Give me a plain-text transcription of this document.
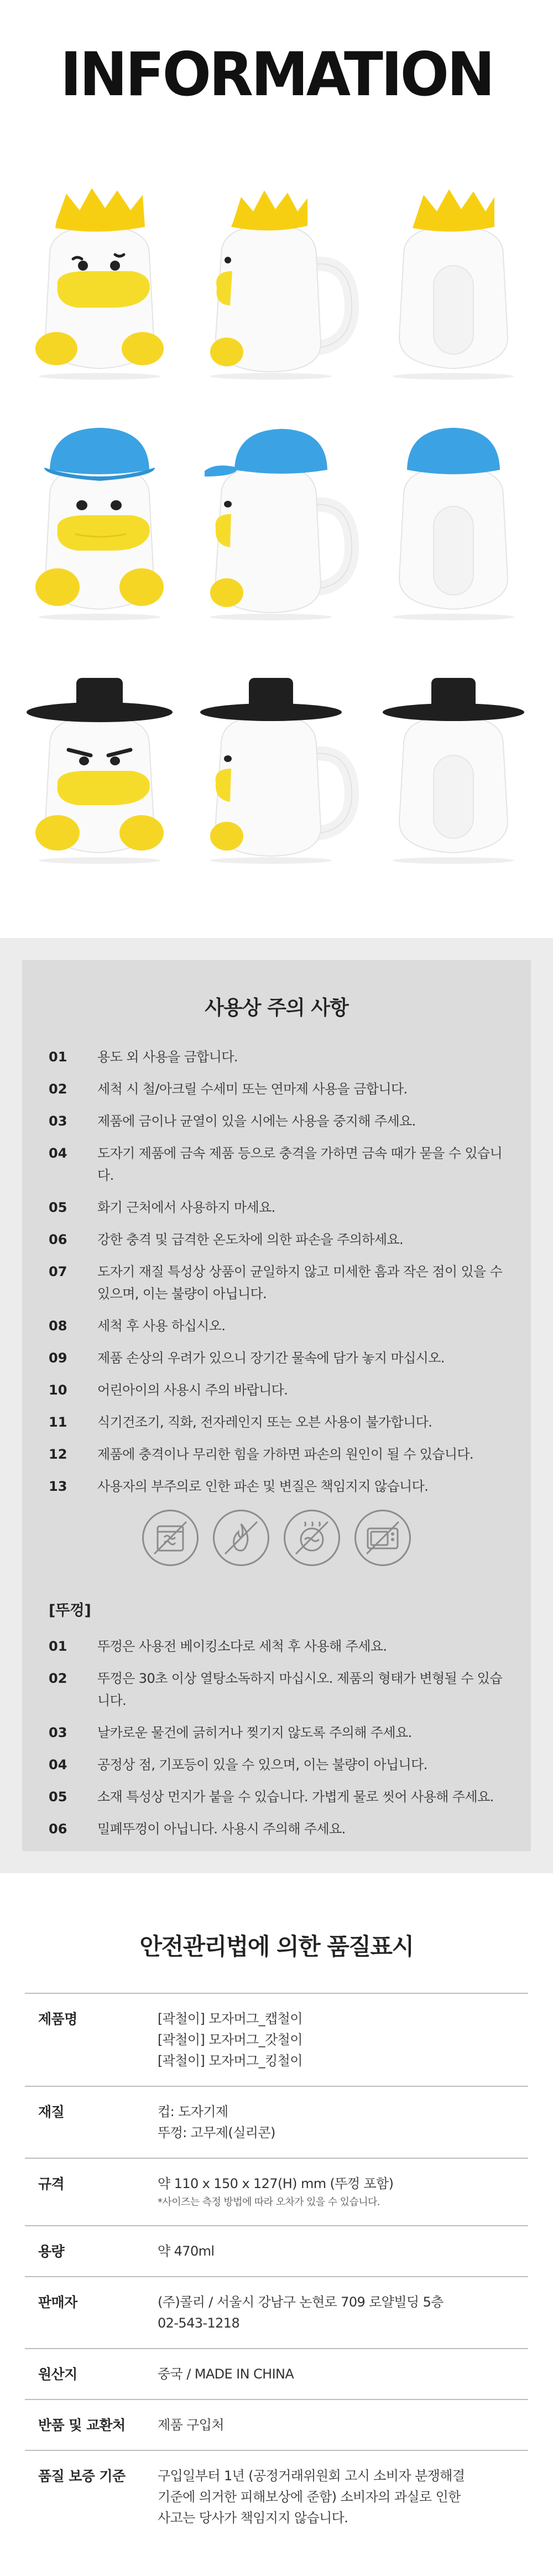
INFORMATION
사용상 주의 사항
01	용도 외 사용을 금합니다.
02	세척 시 철/아크릴 수세미 또는 연마제 사용을 금합니다.
03	제품에 금이나 균열이 있을 시에는 사용을 중지해 주세요.
04	도자기 제품에 금속 제품 등으로 충격을 가하면 금속 때가 묻을 수 있습니다.
05	화기 근처에서 사용하지 마세요.
06	강한 충격 및 급격한 온도차에 의한 파손을 주의하세요.
07	도자기 재질 특성상 상품이 균일하지 않고 미세한 흠과 작은 점이 있을 수 있으며, 이는 불량이 아닙니다.
08	세척 후 사용 하십시오.
09	제품 손상의 우려가 있으니 장기간 물속에 담가 놓지 마십시오.
10	어린아이의 사용시 주의 바랍니다.
11	식기건조기, 직화, 전자레인지 또는 오븐 사용이 불가합니다.
12	제품에 충격이나 무리한 힘을 가하면 파손의 원인이 될 수 있습니다.
13	사용자의 부주의로 인한 파손 및 변질은 책임지지 않습니다.
[뚜껑]
01	뚜껑은 사용전 베이킹소다로 세척 후 사용해 주세요.
02	뚜껑은 30초 이상 열탕소독하지 마십시오. 제품의 형태가 변형될 수 있습니다.
03	날카로운 물건에 긁히거나 찢기지 않도록 주의해 주세요.
04	공정상 점, 기포등이 있을 수 있으며, 이는 불량이 아닙니다.
05	소재 특성상 먼지가 붙을 수 있습니다. 가볍게 물로 씻어 사용해 주세요.
06	밀폐뚜껑이 아닙니다. 사용시 주의해 주세요.
안전관리법에 의한 품질표시
제품명	[곽철이] 모자머그_캡철이
[곽철이] 모자머그_갓철이
[곽철이] 모자머그_킹철이

재질	컵: 도자기제
뚜껑: 고무제(실리콘)

규격	약 110 x 150 x 127(H) mm (뚜껑 포함)
*사이즈는 측정 방법에 따라 오차가 있을 수 있습니다.

용량	약 470ml

판매자	(주)콜리 / 서울시 강남구 논현로 709 로얄빌딩 5층
02-543-1218

원산지	중국 / MADE IN CHINA

반품 및 교환처	제품 구입처

품질 보증 기준	구입일부터 1년 (공정거래위원회 고시 소비자 분쟁해결
기준에 의거한 피해보상에 준함) 소비자의 과실로 인한
사고는 당사가 책임지지 않습니다.
